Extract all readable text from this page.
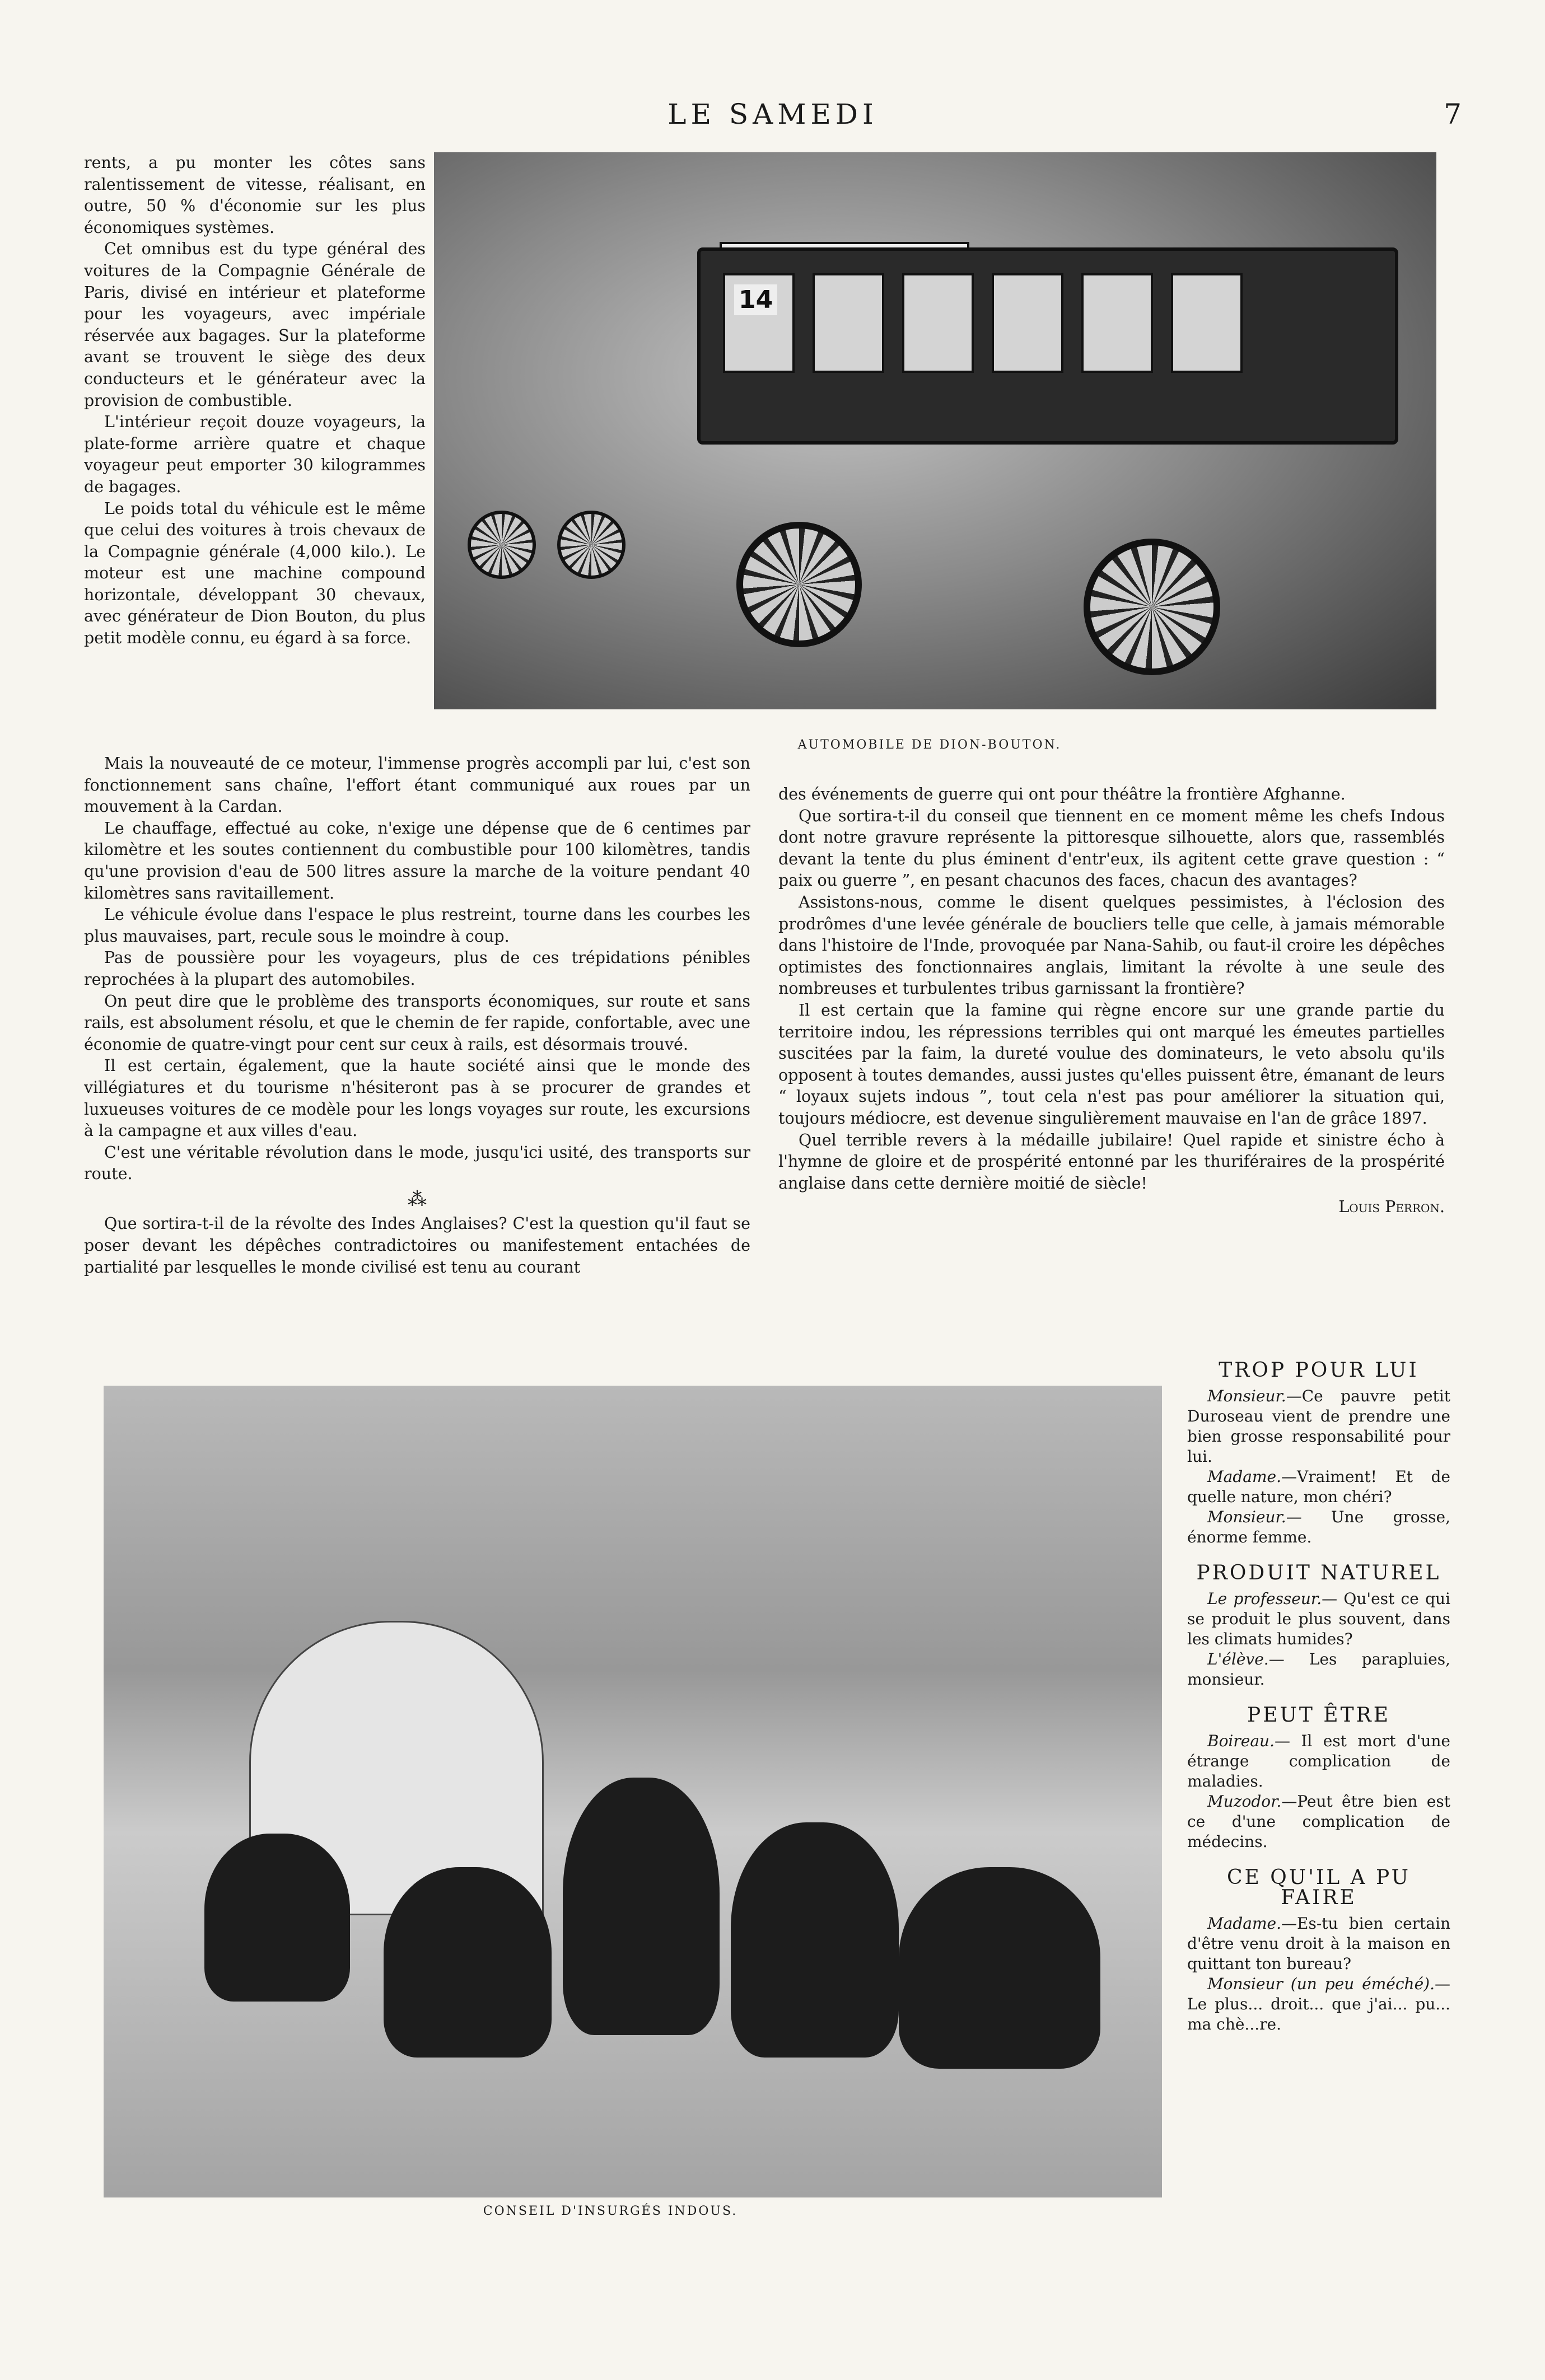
LE SAMEDI	7

rents, a pu monter les côtes sans ralentissement de vitesse, réalisant, en outre, 50 % d'économie sur les plus économiques systèmes.

Cet omnibus est du type général des voitures de la Compagnie Générale de Paris, divisé en intérieur et plateforme pour les voyageurs, avec impériale réservée aux bagages. Sur la plateforme avant se trouvent le siège des deux conducteurs et le générateur avec la provision de combustible.

L'intérieur reçoit douze voyageurs, la plate-forme arrière quatre et chaque voyageur peut emporter 30 kilogrammes de bagages.

Le poids total du véhicule est le même que celui des voitures à trois chevaux de la Compagnie générale (4,000 kilo.). Le moteur est une machine compound horizontale, développant 30 chevaux, avec générateur de Dion Bouton, du plus petit modèle connu, eu égard à sa force.

14
AUTOMOBILE DE DION-BOUTON.

Mais la nouveauté de ce moteur, l'immense progrès accompli par lui, c'est son fonctionnement sans chaîne, l'effort étant communiqué aux roues par un mouvement à la Cardan.

Le chauffage, effectué au coke, n'exige une dépense que de 6 centimes par kilomètre et les soutes contiennent du combustible pour 100 kilomètres, tandis qu'une provision d'eau de 500 litres assure la marche de la voiture pendant 40 kilomètres sans ravitaillement.

Le véhicule évolue dans l'espace le plus restreint, tourne dans les courbes les plus mauvaises, part, recule sous le moindre à coup.

Pas de poussière pour les voyageurs, plus de ces trépidations pénibles reprochées à la plupart des automobiles.

On peut dire que le problème des transports économiques, sur route et sans rails, est absolument résolu, et que le chemin de fer rapide, confortable, avec une économie de quatre-vingt pour cent sur ceux à rails, est désormais trouvé.

Il est certain, également, que la haute société ainsi que le monde des villégiatures et du tourisme n'hésiteront pas à se procurer de grandes et luxueuses voitures de ce modèle pour les longs voyages sur route, les excursions à la campagne et aux villes d'eau.

C'est une véritable révolution dans le mode, jusqu'ici usité, des transports sur route.

⁂

Que sortira-t-il de la révolte des Indes Anglaises? C'est la question qu'il faut se poser devant les dépêches contradictoires ou manifestement entachées de partialité par lesquelles le monde civilisé est tenu au courant

des événements de guerre qui ont pour théâtre la frontière Afghanne.

Que sortira-t-il du conseil que tiennent en ce moment même les chefs Indous dont notre gravure représente la pittoresque silhouette, alors que, rassemblés devant la tente du plus éminent d'entr'eux, ils agitent cette grave question : “ paix ou guerre ”, en pesant chacunos des faces, chacun des avantages?

Assistons-nous, comme le disent quelques pessimistes, à l'éclosion des prodrômes d'une levée générale de boucliers telle que celle, à jamais mémorable dans l'histoire de l'Inde, provoquée par Nana-Sahib, ou faut-il croire les dépêches optimistes des fonctionnaires anglais, limitant la révolte à une seule des nombreuses et turbulentes tribus garnissant la frontière?

Il est certain que la famine qui règne encore sur une grande partie du territoire indou, les répressions terribles qui ont marqué les émeutes partielles suscitées par la faim, la dureté voulue des dominateurs, le veto absolu qu'ils opposent à toutes demandes, aussi justes qu'elles puissent être, émanant de leurs “ loyaux sujets indous ”, tout cela n'est pas pour améliorer la situation qui, toujours médiocre, est devenue singulièrement mauvaise en l'an de grâce 1897.

Quel terrible revers à la médaille jubilaire! Quel rapide et sinistre écho à l'hymne de gloire et de prospérité entonné par les thuriféraires de la prospérité anglaise dans cette dernière moitié de siècle!

Louis Perron.
CONSEIL D'INSURGÉS INDOUS.
TROP POUR LUI

Monsieur.—Ce pauvre petit Duroseau vient de prendre une bien grosse responsabilité pour lui.

Madame.—Vraiment! Et de quelle nature, mon chéri?

Monsieur.— Une grosse, énorme femme.

PRODUIT NATUREL

Le professeur.— Qu'est ce qui se produit le plus souvent, dans les climats humides?

L'élève.— Les parapluies, monsieur.

PEUT ÊTRE

Boireau.— Il est mort d'une étrange complication de maladies.

Muzodor.—Peut être bien est ce d'une complication de médecins.

CE QU'IL A PU FAIRE

Madame.—Es-tu bien certain d'être venu droit à la maison en quittant ton bureau?

Monsieur (un peu éméché).—Le plus... droit... que j'ai... pu... ma chè...re.
